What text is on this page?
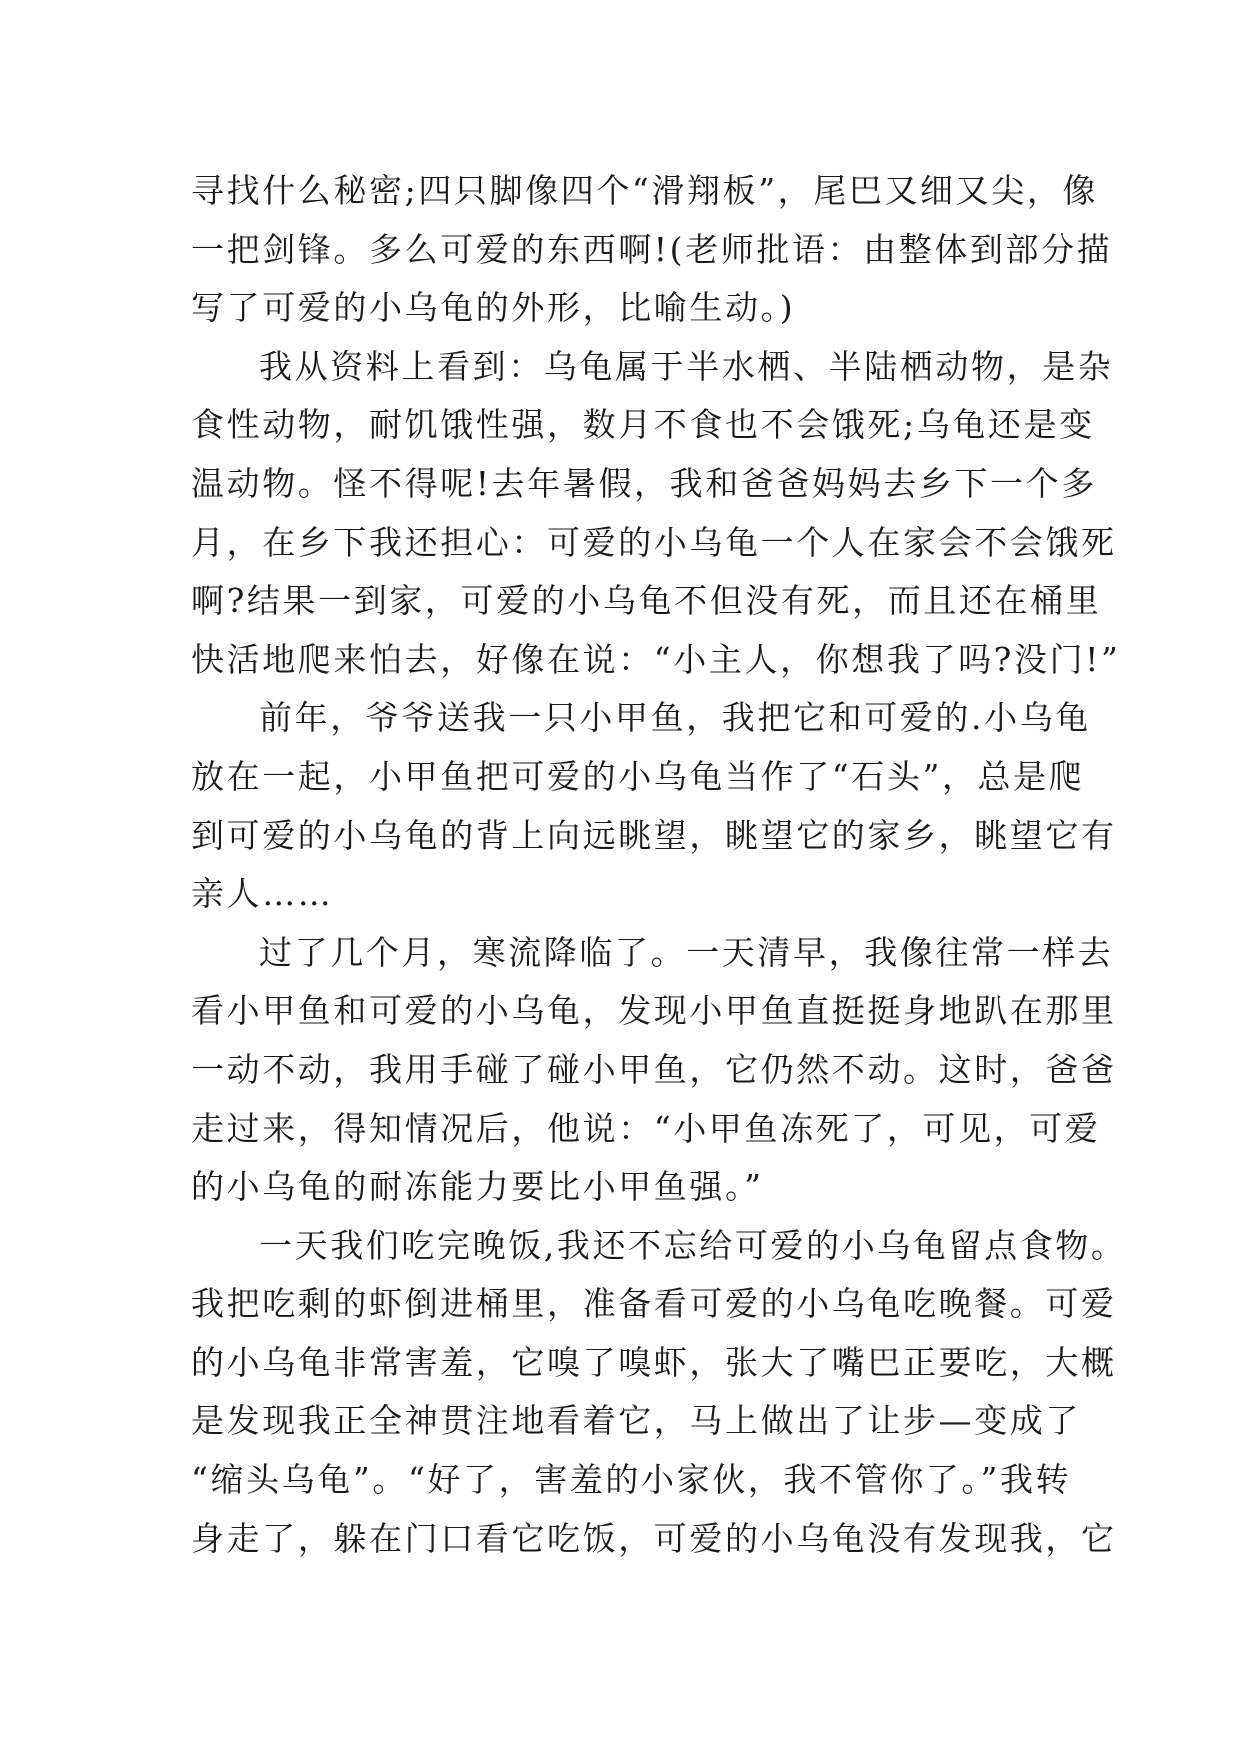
寻找什么秘密;四只脚像四个“滑翔板”，尾巴又细又尖，像
一把剑锋。多么可爱的东西啊!(老师批语：由整体到部分描
写了可爱的小乌龟的外形，比喻生动。)
我从资料上看到：乌龟属于半水栖、半陆栖动物，是杂
食性动物，耐饥饿性强，数月不食也不会饿死;乌龟还是变
温动物。怪不得呢!去年暑假，我和爸爸妈妈去乡下一个多
月，在乡下我还担心：可爱的小乌龟一个人在家会不会饿死
啊?结果一到家，可爱的小乌龟不但没有死，而且还在桶里
快活地爬来怕去，好像在说：“小主人，你想我了吗?没门!”
前年，爷爷送我一只小甲鱼，我把它和可爱的.小乌龟
放在一起，小甲鱼把可爱的小乌龟当作了“石头”，总是爬
到可爱的小乌龟的背上向远眺望，眺望它的家乡，眺望它有
亲人……
过了几个月，寒流降临了。一天清早，我像往常一样去
看小甲鱼和可爱的小乌龟，发现小甲鱼直挺挺身地趴在那里
一动不动，我用手碰了碰小甲鱼，它仍然不动。这时，爸爸
走过来，得知情况后，他说：“小甲鱼冻死了，可见，可爱
的小乌龟的耐冻能力要比小甲鱼强。”
一天我们吃完晚饭,我还不忘给可爱的小乌龟留点食物。
我把吃剩的虾倒进桶里，准备看可爱的小乌龟吃晚餐。可爱
的小乌龟非常害羞，它嗅了嗅虾，张大了嘴巴正要吃，大概
是发现我正全神贯注地看着它，马上做出了让步—变成了
“缩头乌龟”。“好了，害羞的小家伙，我不管你了。”我转
身走了，躲在门口看它吃饭，可爱的小乌龟没有发现我，它
